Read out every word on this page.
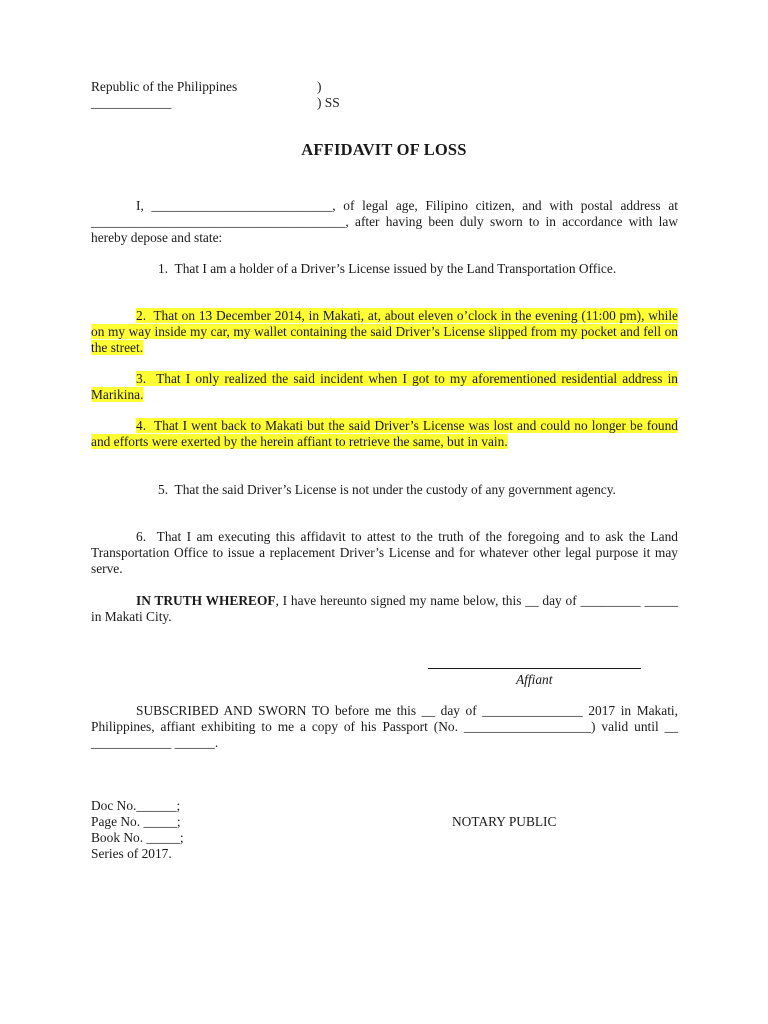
Republic of the Philippines
____________
)
) SS
AFFIDAVIT OF LOSS
I, ___________________________, of legal age, Filipino citizen, and with postal address at ______________________________________, after having been duly sworn to in accordance with law hereby depose and state:
1. That I am a holder of a Driver’s License issued by the Land Transportation Office.
2. That on 13 December 2014, in Makati, at, about eleven o’clock in the evening (11:00 pm), while on my way inside my car, my wallet containing the said Driver’s License slipped from my pocket and fell on the street.
3. That I only realized the said incident when I got to my aforementioned residential address in Marikina.
4. That I went back to Makati but the said Driver’s License was lost and could no longer be found and efforts were exerted by the herein affiant to retrieve the same, but in vain.
5. That the said Driver’s License is not under the custody of any government agency.
6. That I am executing this affidavit to attest to the truth of the foregoing and to ask the Land Transportation Office to issue a replacement Driver’s License and for whatever other legal purpose it may serve.
IN TRUTH WHEREOF, I have hereunto signed my name below, this __ day of _________ _____ in Makati City.
Affiant
SUBSCRIBED AND SWORN TO before me this __ day of _______________ 2017 in Makati, Philippines, affiant exhibiting to me a copy of his Passport (No. ___________________) valid until __ ____________ ______.
Doc No.______;
Page No. _____;
Book No. _____;
Series of 2017.
NOTARY PUBLIC
